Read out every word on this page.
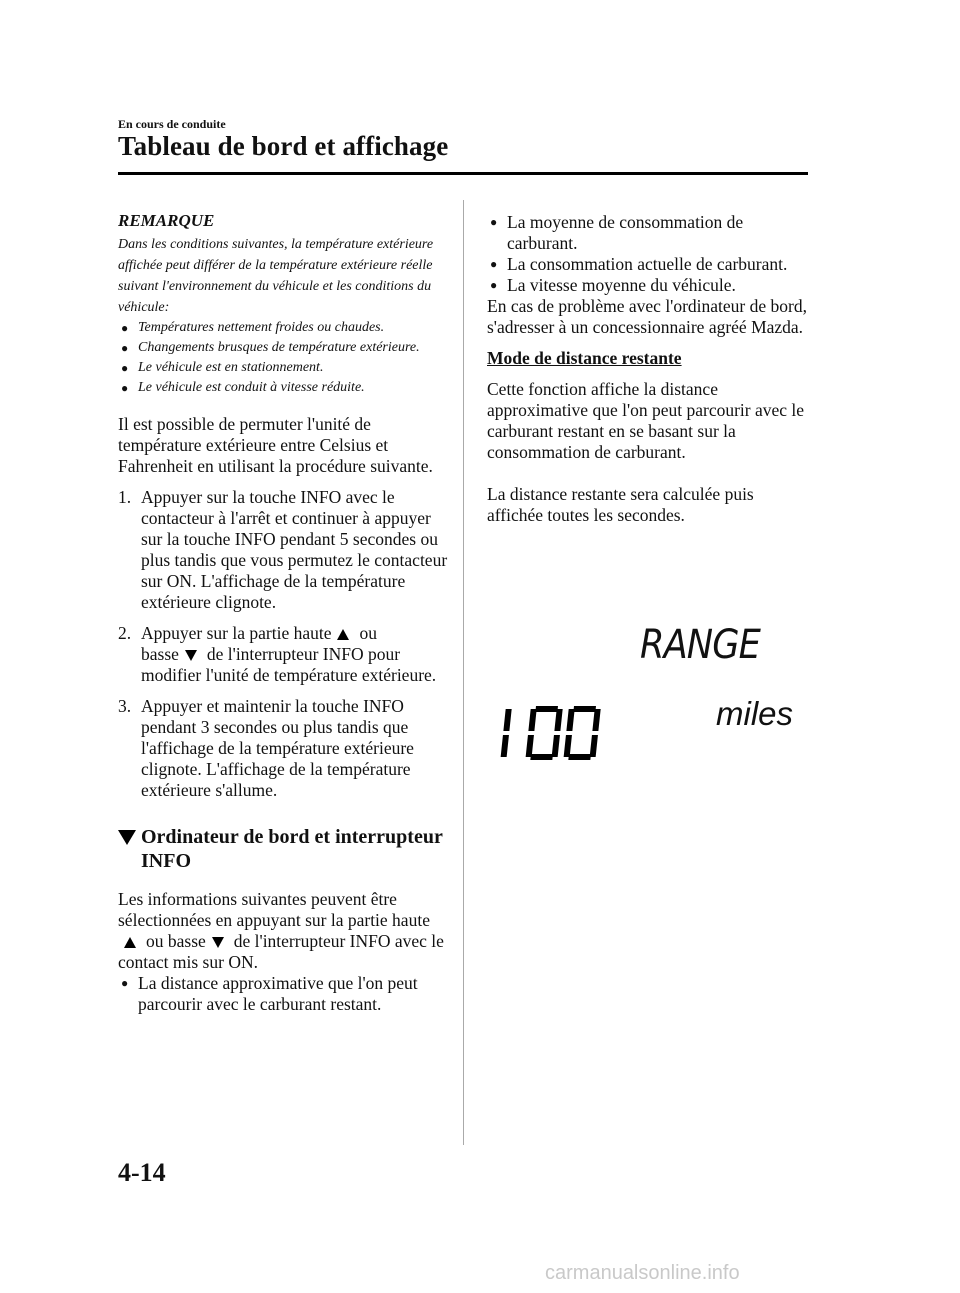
En cours de conduite
Tableau de bord et affichage
REMARQUE

Dans les conditions suivantes, la température extérieure affichée peut différer de la température extérieure réelle suivant l'environnement du véhicule et les conditions du véhicule:

● Températures nettement froides ou chaudes.
● Changements brusques de température extérieure.
● Le véhicule est en stationnement.
● Le véhicule est conduit à vitesse réduite.

Il est possible de permuter l'unité de température extérieure entre Celsius et Fahrenheit en utilisant la procédure suivante.

1. Appuyer sur la touche INFO avec le contacteur à l'arrêt et continuer à appuyer sur la touche INFO pendant 5 secondes ou plus tandis que vous permutez le contacteur sur ON. L'affichage de la température extérieure clignote.
2. Appuyer sur la partie haute ou
basse de l'interrupteur INFO pour modifier l'unité de température extérieure.
3. Appuyer et maintenir la touche INFO pendant 3 secondes ou plus tandis que l'affichage de la température extérieure clignote. L'affichage de la température extérieure s'allume.
Ordinateur de bord et interrupteur INFO

Les informations suivantes peuvent être sélectionnées en appuyant sur la partie hauteou basse de l'interrupteur INFO avec le contact mis sur ON.

● La distance approximative que l'on peut parcourir avec le carburant restant.
● La moyenne de consommation de carburant.
● La consommation actuelle de carburant.
● La vitesse moyenne du véhicule.

En cas de problème avec l'ordinateur de bord, s'adresser à un concessionnaire agréé Mazda.

Mode de distance restante

Cette fonction affiche la distance approximative que l'on peut parcourir avec le carburant restant en se basant sur la consommation de carburant.

La distance restante sera calculée puis affichée toutes les secondes.

RANGE
miles
4-14
carmanualsonline.info
